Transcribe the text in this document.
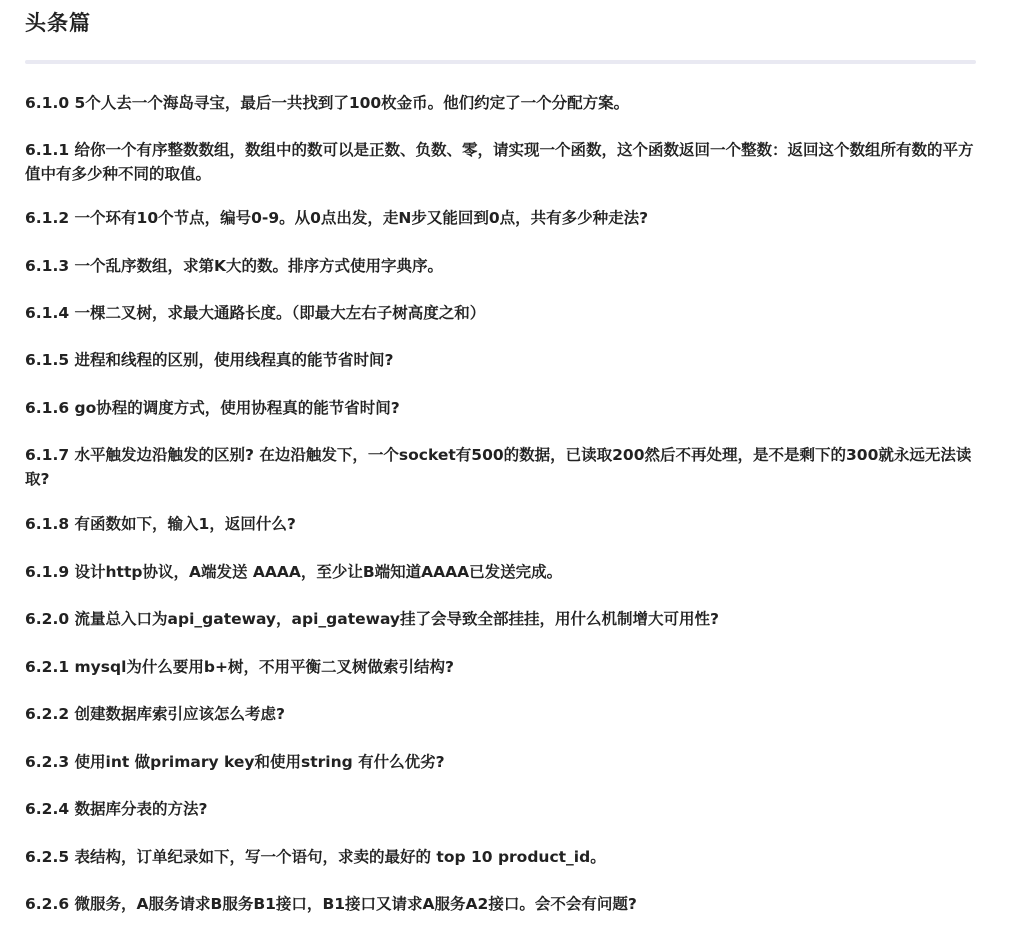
头条篇

6.1.0 5个人去一个海岛寻宝，最后一共找到了100枚金币。他们约定了一个分配方案。

6.1.1 给你一个有序整数数组，数组中的数可以是正数、负数、零，请实现一个函数，这个函数返回一个整数：返回这个数组所有数的平方值中有多少种不同的取值。

6.1.2 一个环有10个节点，编号0-9。从0点出发，走N步又能回到0点，共有多少种走法?

6.1.3 一个乱序数组，求第K大的数。排序方式使用字典序。

6.1.4 一棵二叉树，求最大通路长度。（即最大左右子树高度之和）

6.1.5 进程和线程的区别，使用线程真的能节省时间?

6.1.6 go协程的调度方式，使用协程真的能节省时间?

6.1.7 水平触发边沿触发的区别? 在边沿触发下，一个socket有500的数据，已读取200然后不再处理，是不是剩下的300就永远无法读取?

6.1.8 有函数如下，输入1，返回什么?

6.1.9 设计http协议，A端发送 AAAA，至少让B端知道AAAA已发送完成。

6.2.0 流量总入口为api_gateway，api_gateway挂了会导致全部挂挂，用什么机制增大可用性?

6.2.1 mysql为什么要用b+树，不用平衡二叉树做索引结构?

6.2.2 创建数据库索引应该怎么考虑?

6.2.3 使用int 做primary key和使用string 有什么优劣?

6.2.4 数据库分表的方法?

6.2.5 表结构，订单纪录如下，写一个语句，求卖的最好的 top 10 product_id。

6.2.6 微服务，A服务请求B服务B1接口，B1接口又请求A服务A2接口。会不会有问题?
